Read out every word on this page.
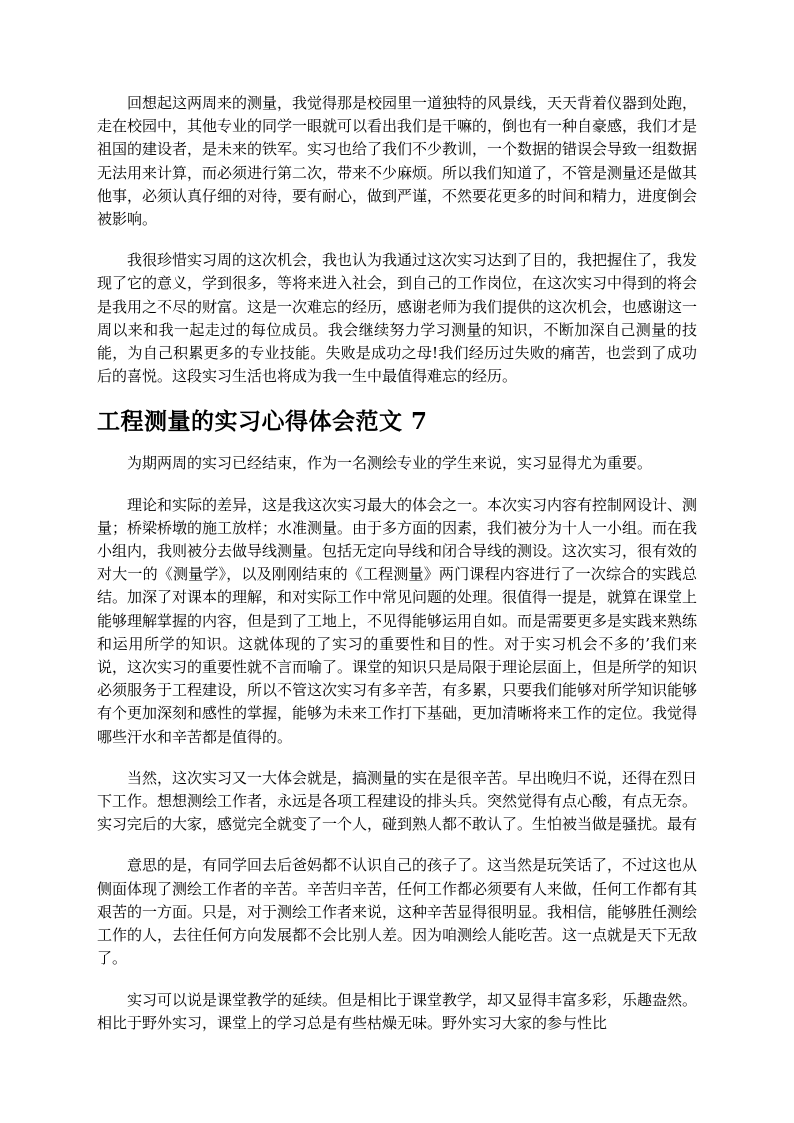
回想起这两周来的测量，我觉得那是校园里一道独特的风景线，天天背着仪器到处跑，走在校园中，其他专业的同学一眼就可以看出我们是干嘛的，倒也有一种自豪感，我们才是祖国的建设者，是未来的铁军。实习也给了我们不少教训，一个数据的错误会导致一组数据无法用来计算，而必须进行第二次，带来不少麻烦。所以我们知道了，不管是测量还是做其他事，必须认真仔细的对待，要有耐心，做到严谨，不然要花更多的时间和精力，进度倒会被影响。

我很珍惜实习周的这次机会，我也认为我通过这次实习达到了目的，我把握住了，我发现了它的意义，学到很多，等将来进入社会，到自己的工作岗位，在这次实习中得到的将会是我用之不尽的财富。这是一次难忘的经历，感谢老师为我们提供的这次机会，也感谢这一周以来和我一起走过的每位成员。我会继续努力学习测量的知识，不断加深自己测量的技能，为自己积累更多的专业技能。失败是成功之母!我们经历过失败的痛苦，也尝到了成功后的喜悦。这段实习生活也将成为我一生中最值得难忘的经历。

工程测量的实习心得体会范文 7

为期两周的实习已经结束，作为一名测绘专业的学生来说，实习显得尤为重要。

理论和实际的差异，这是我这次实习最大的体会之一。本次实习内容有控制网设计、测量；桥梁桥墩的施工放样；水准测量。由于多方面的因素，我们被分为十人一小组。而在我小组内，我则被分去做导线测量。包括无定向导线和闭合导线的测设。这次实习，很有效的对大一的《测量学》，以及刚刚结束的《工程测量》两门课程内容进行了一次综合的实践总结。加深了对课本的理解，和对实际工作中常见问题的处理。很值得一提是，就算在课堂上能够理解掌握的内容，但是到了工地上，不见得能够运用自如。而是需要更多是实践来熟练和运用所学的知识。这就体现的了实习的重要性和目的性。对于实习机会不多的’我们来说，这次实习的重要性就不言而喻了。课堂的知识只是局限于理论层面上，但是所学的知识必须服务于工程建设，所以不管这次实习有多辛苦，有多累，只要我们能够对所学知识能够有个更加深刻和感性的掌握，能够为未来工作打下基础，更加清晰将来工作的定位。我觉得哪些汗水和辛苦都是值得的。

当然，这次实习又一大体会就是，搞测量的实在是很辛苦。早出晚归不说，还得在烈日下工作。想想测绘工作者，永远是各项工程建设的排头兵。突然觉得有点心酸，有点无奈。实习完后的大家，感觉完全就变了一个人，碰到熟人都不敢认了。生怕被当做是骚扰。最有

意思的是，有同学回去后爸妈都不认识自己的孩子了。这当然是玩笑话了，不过这也从侧面体现了测绘工作者的辛苦。辛苦归辛苦，任何工作都必须要有人来做，任何工作都有其艰苦的一方面。只是，对于测绘工作者来说，这种辛苦显得很明显。我相信，能够胜任测绘工作的人，去往任何方向发展都不会比别人差。因为咱测绘人能吃苦。这一点就是天下无敌了。

实习可以说是课堂教学的延续。但是相比于课堂教学，却又显得丰富多彩，乐趣盎然。相比于野外实习，课堂上的学习总是有些枯燥无味。野外实习大家的参与性比
